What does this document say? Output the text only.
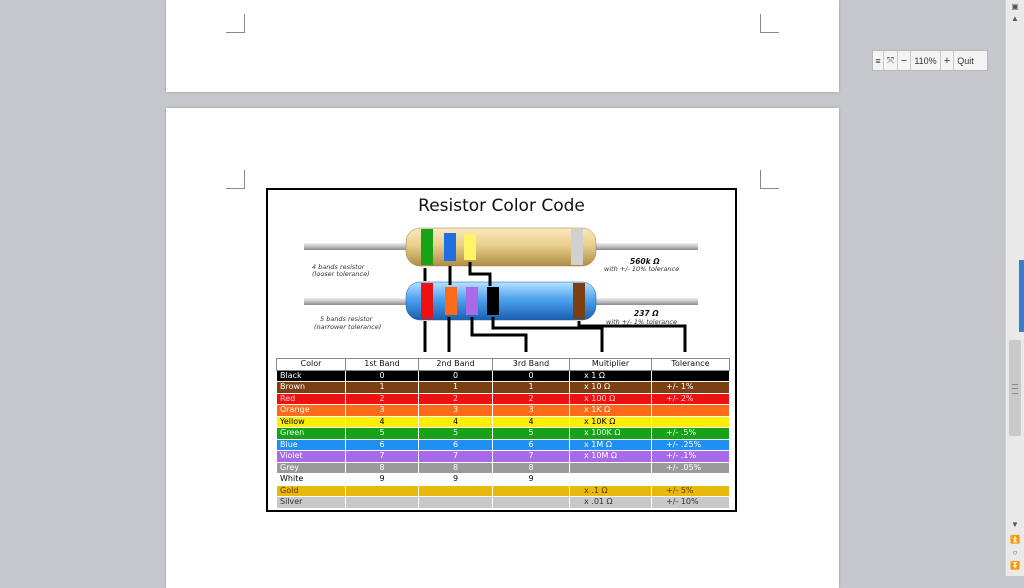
Resistor Color Code
4 bands resistor
(looser tolerance)
560k Ω
with +/- 10% tolerance
5 bands resistor
(narrower tolerance)
237 Ω
with +/- 1% tolerance
Color	1st Band	2nd Band	3rd Band	Multiplier	Tolerance
Black	0	0	0	x 1 Ω	
Brown	1	1	1	x 10 Ω	+/- 1%
Red	2	2	2	x 100 Ω	+/- 2%
Orange	3	3	3	x 1K Ω	
Yellow	4	4	4	x 10K Ω	
Green	5	5	5	x 100K Ω	+/- .5%
Blue	6	6	6	x 1M Ω	+/- .25%
Violet	7	7	7	x 10M Ω	+/- .1%
Grey	8	8	8		+/- .05%
White	9	9	9		
Gold				x .1 Ω	+/- 5%
Silver				x .01 Ω	+/- 10%
≡ ⤧ − 110% + Quit
▣
▲
▼
⏫
○
⏬
